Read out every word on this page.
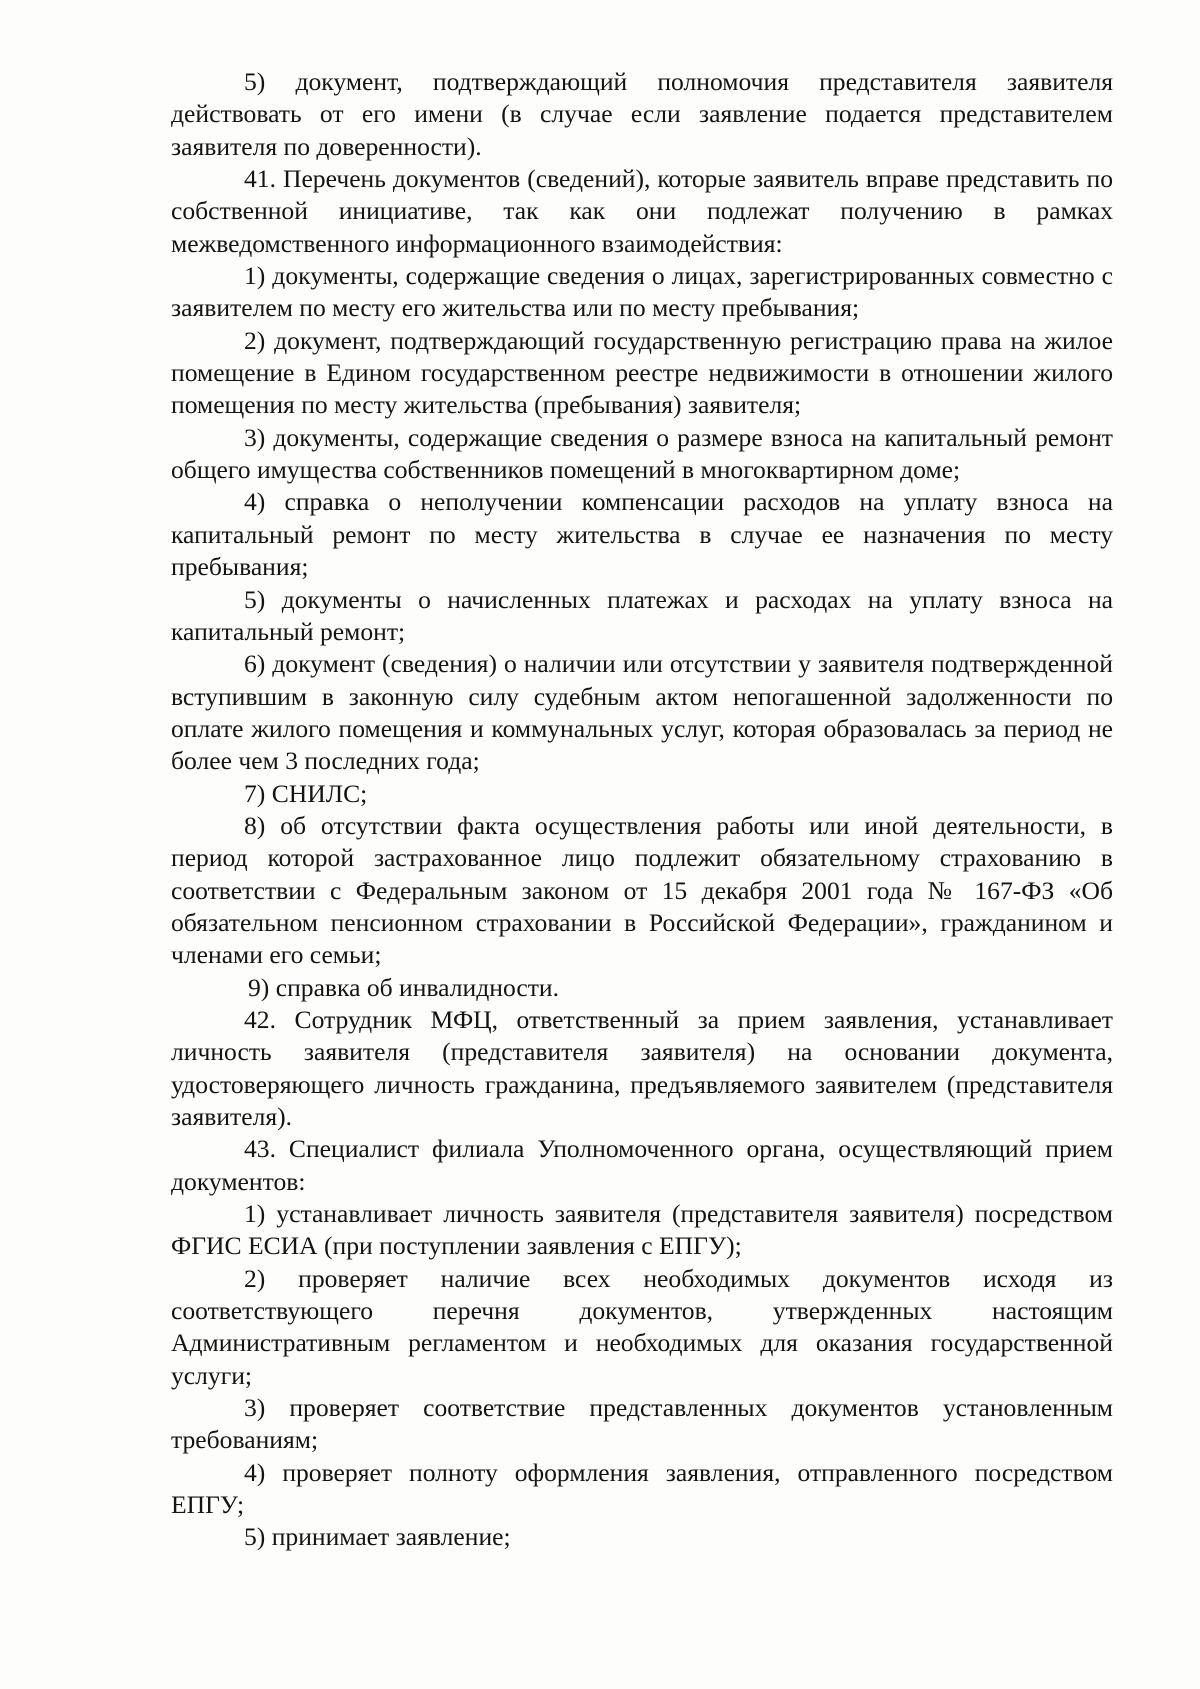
5) документ, подтверждающий полномочия представителя заявителя действовать от его имени (в случае если заявление подается представителем заявителя по доверенности).

41. Перечень документов (сведений), которые заявитель вправе представить по собственной инициативе, так как они подлежат получению в рамках межведомственного информационного взаимодействия:

1) документы, содержащие сведения о лицах, зарегистрированных совместно с заявителем по месту его жительства или по месту пребывания;

2) документ, подтверждающий государственную регистрацию права на жилое помещение в Едином государственном реестре недвижимости в отношении жилого помещения по месту жительства (пребывания) заявителя;

3) документы, содержащие сведения о размере взноса на капитальный ремонт общего имущества собственников помещений в многоквартирном доме;

4) справка о неполучении компенсации расходов на уплату взноса на капитальный ремонт по месту жительства в случае ее назначения по месту пребывания;

5) документы о начисленных платежах и расходах на уплату взноса на капитальный ремонт;

6) документ (сведения) о наличии или отсутствии у заявителя подтвержденной вступившим в законную силу судебным актом непогашенной задолженности по оплате жилого помещения и коммунальных услуг, которая образовалась за период не более чем 3 последних года;

7) СНИЛС;

8) об отсутствии факта осуществления работы или иной деятельности, в период которой застрахованное лицо подлежит обязательному страхованию в соответствии с Федеральным законом от 15 декабря 2001 года № 167-ФЗ «Об обязательном пенсионном страховании в Российской Федерации», гражданином и членами его семьи;

9) справка об инвалидности.

42. Сотрудник МФЦ, ответственный за прием заявления, устанавливает личность заявителя (представителя заявителя) на основании документа, удостоверяющего личность гражданина, предъявляемого заявителем (представителя заявителя).

43. Специалист филиала Уполномоченного органа, осуществляющий прием документов:

1) устанавливает личность заявителя (представителя заявителя) посредством ФГИС ЕСИА (при поступлении заявления с ЕПГУ);

2) проверяет наличие всех необходимых документов исходя из соответствующего перечня документов, утвержденных настоящим Административным регламентом и необходимых для оказания государственной услуги;

3) проверяет соответствие представленных документов установленным требованиям;

4) проверяет полноту оформления заявления, отправленного посредством ЕПГУ;

5) принимает заявление;
